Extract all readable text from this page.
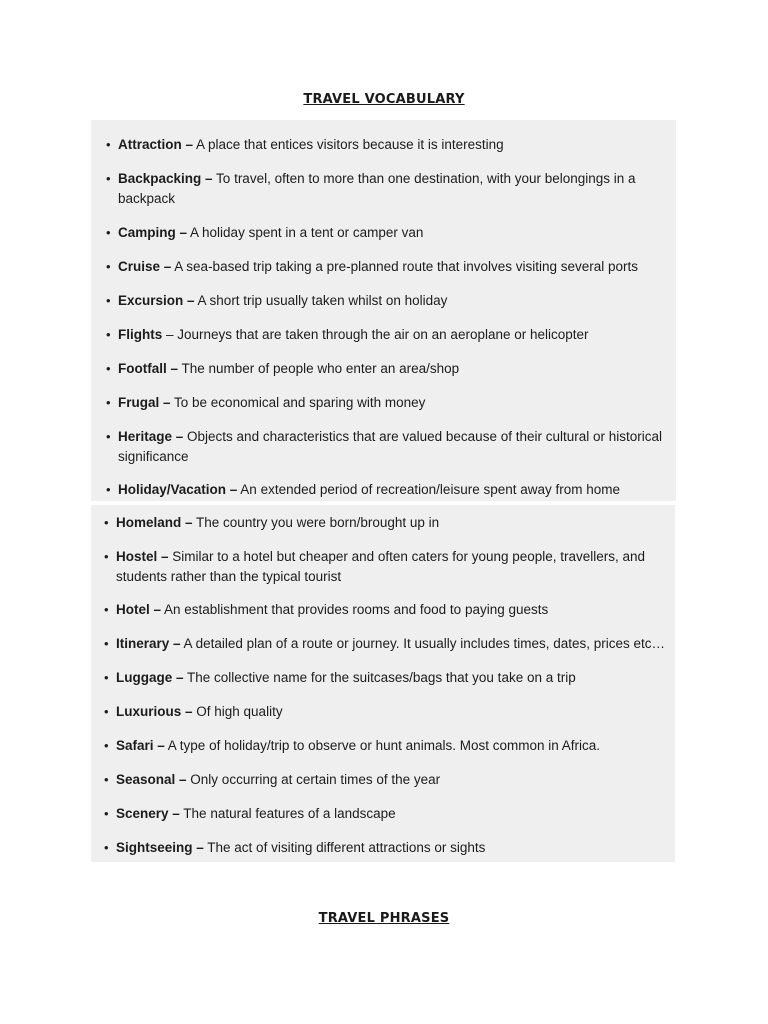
TRAVEL VOCABULARY
• Attraction – A place that entices visitors because it is interesting
• Backpacking – To travel, often to more than one destination, with your belongings in a backpack
• Camping – A holiday spent in a tent or camper van
• Cruise – A sea-based trip taking a pre-planned route that involves visiting several ports
• Excursion – A short trip usually taken whilst on holiday
• Flights – Journeys that are taken through the air on an aeroplane or helicopter
• Footfall – The number of people who enter an area/shop
• Frugal – To be economical and sparing with money
• Heritage – Objects and characteristics that are valued because of their cultural or historical significance
• Holiday/Vacation – An extended period of recreation/leisure spent away from home
• Homeland – The country you were born/brought up in
• Hostel – Similar to a hotel but cheaper and often caters for young people, travellers, and students rather than the typical tourist
• Hotel – An establishment that provides rooms and food to paying guests
• Itinerary – A detailed plan of a route or journey. It usually includes times, dates, prices etc…
• Luggage – The collective name for the suitcases/bags that you take on a trip
• Luxurious – Of high quality
• Safari – A type of holiday/trip to observe or hunt animals. Most common in Africa.
• Seasonal – Only occurring at certain times of the year
• Scenery – The natural features of a landscape
• Sightseeing – The act of visiting different attractions or sights
TRAVEL PHRASES
